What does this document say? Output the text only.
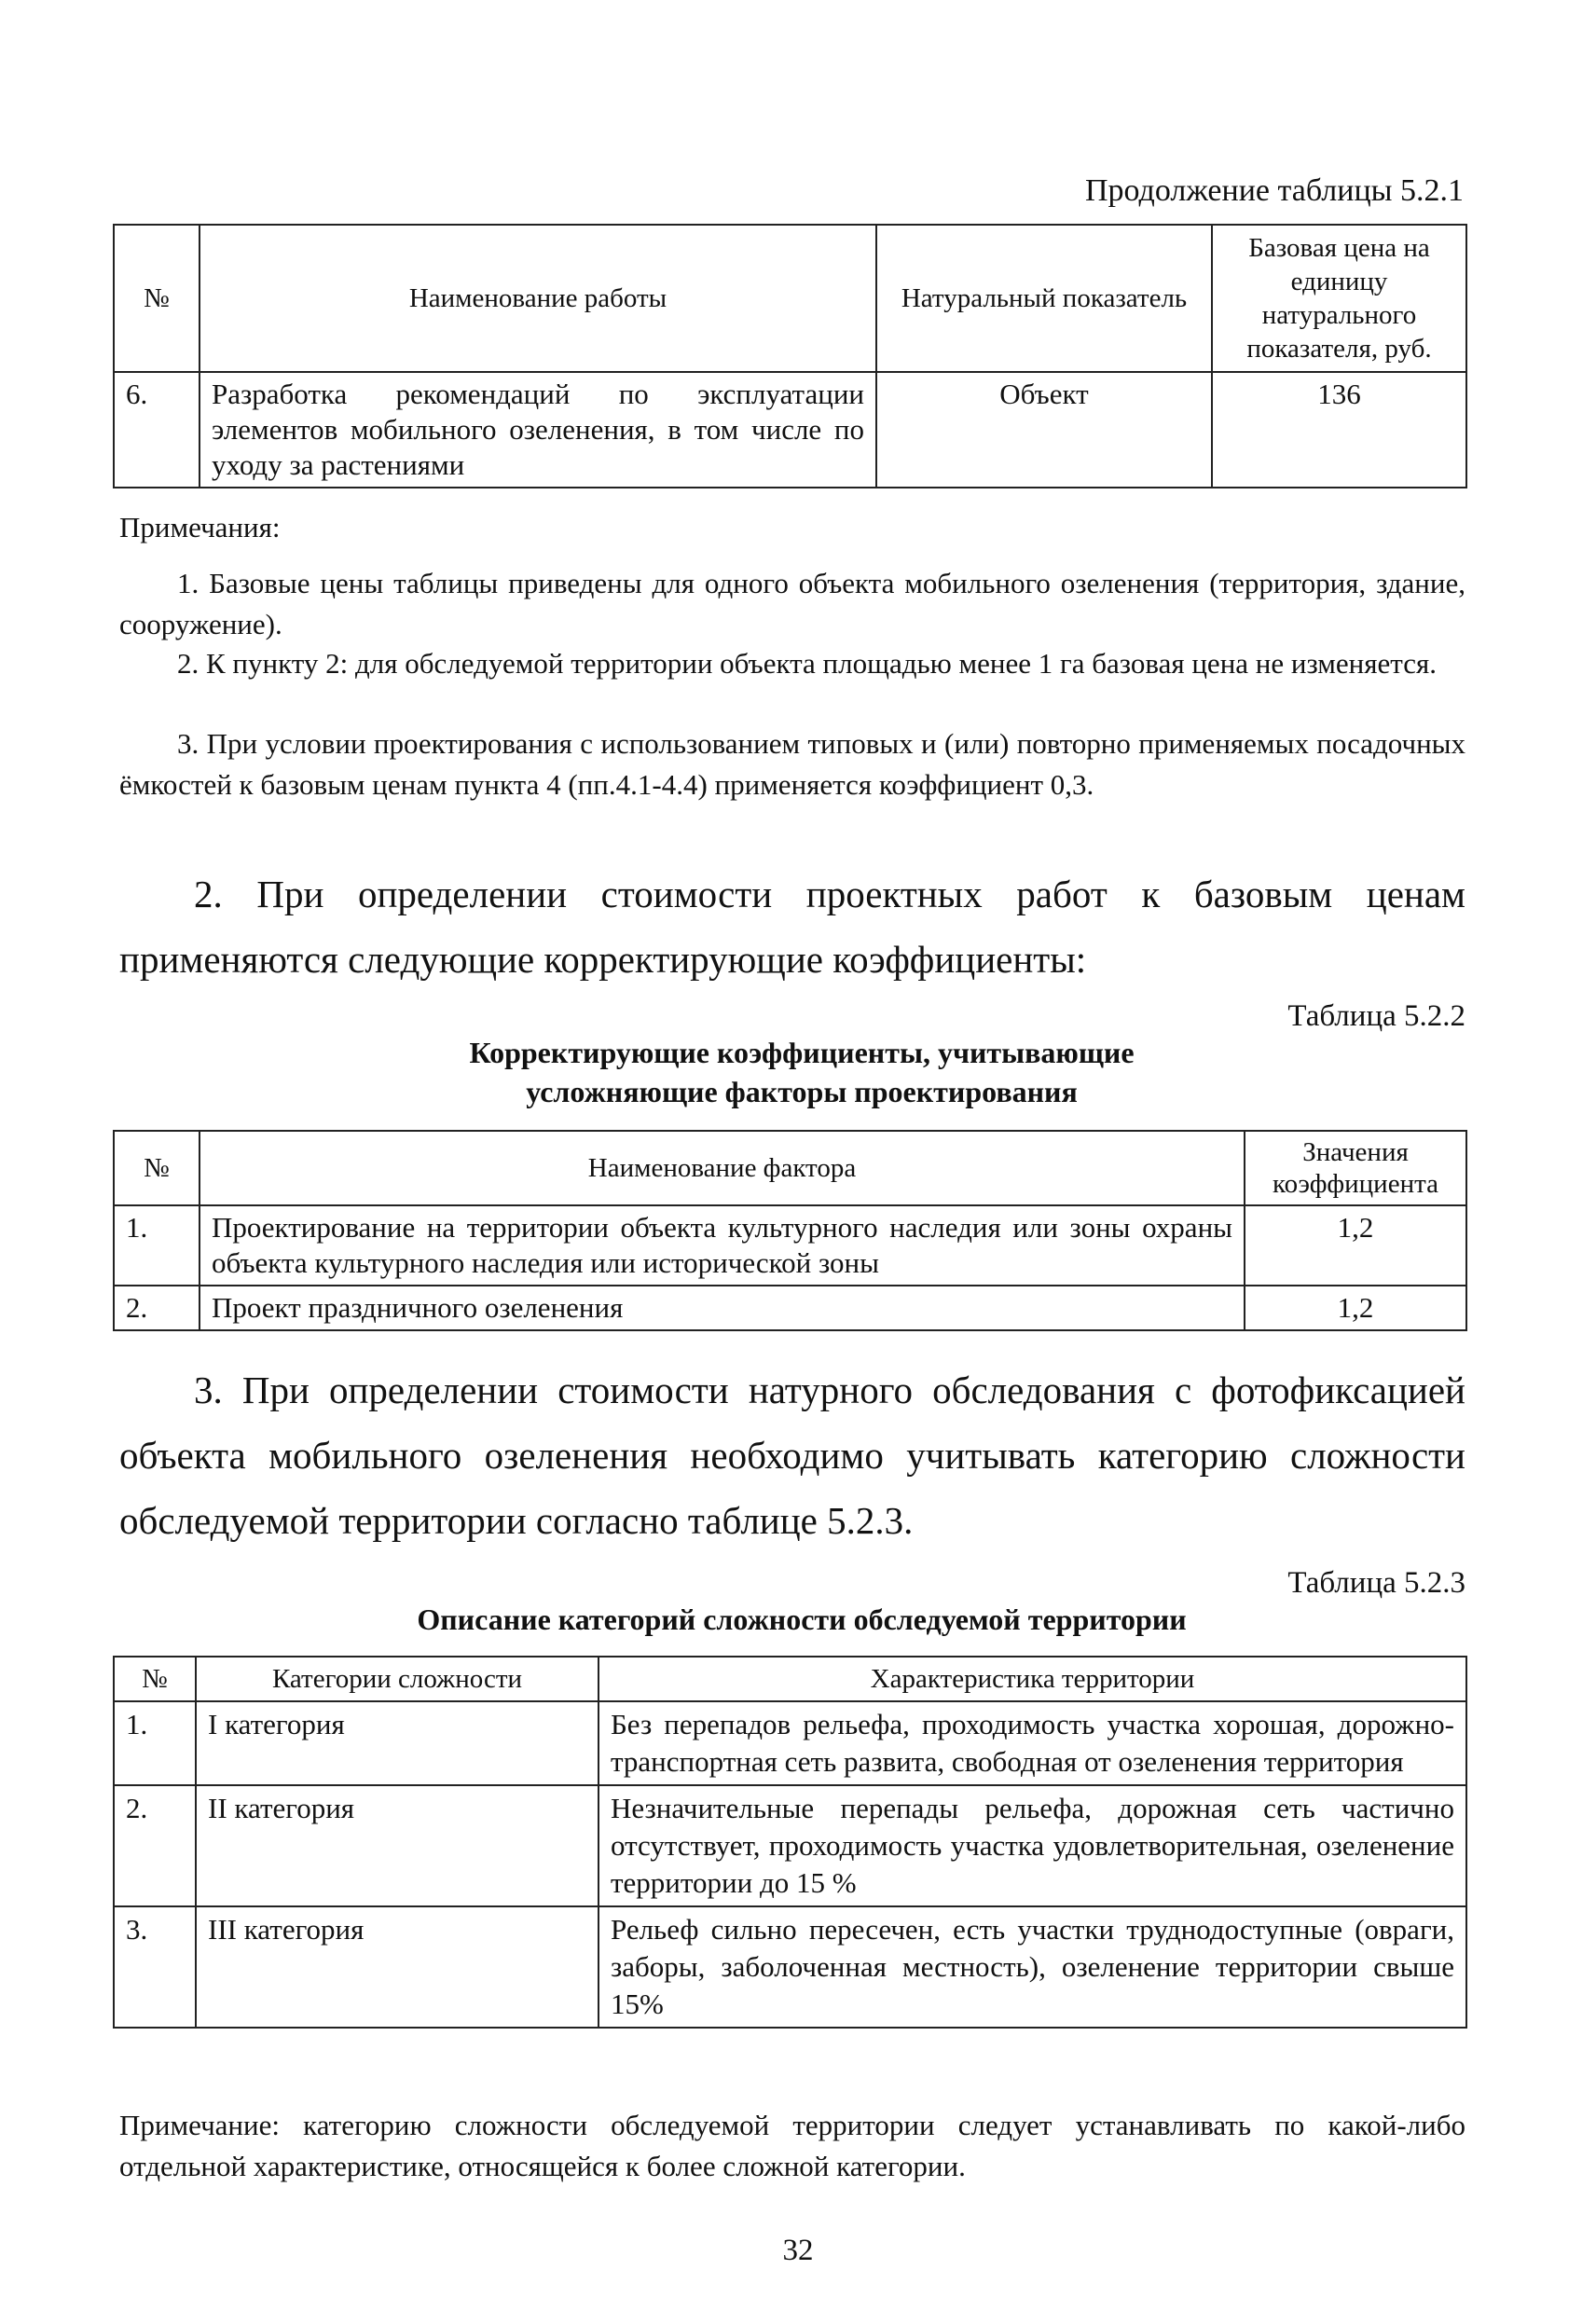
Продолжение таблицы 5.2.1
№	Наименование работы	Натуральный показатель	Базовая цена на единицу натурального показателя, руб.
6.	Разработка рекомендаций по эксплуатации элементов мобильного озеленения, в том числе по уходу за растениями	Объект	136
Примечания:
1. Базовые цены таблицы приведены для одного объекта мобильного озеленения (территория, здание, сооружение).
2. К пункту 2: для обследуемой территории объекта площадью менее 1 га базовая цена не изменяется.
3. При условии проектирования с использованием типовых и (или) повторно применяемых посадочных ёмкостей к базовым ценам пункта 4 (пп.4.1-4.4) применяется коэффициент 0,3.
2. При определении стоимости проектных работ к базовым ценам применяются следующие корректирующие коэффициенты:
Таблица 5.2.2
Корректирующие коэффициенты, учитывающие
усложняющие факторы проектирования
№	Наименование фактора	Значения коэффициента
1.	Проектирование на территории объекта культурного наследия или зоны охраны объекта культурного наследия или исторической зоны	1,2
2.	Проект праздничного озеленения	1,2
3. При определении стоимости натурного обследования с фотофиксацией объекта мобильного озеленения необходимо учитывать категорию сложности обследуемой территории согласно таблице 5.2.3.
Таблица 5.2.3
Описание категорий сложности обследуемой территории
№	Категории сложности	Характеристика территории
1.	I категория	Без перепадов рельефа, проходимость участка хорошая, дорожно-транспортная сеть развита, свободная от озеленения территория
2.	II категория	Незначительные перепады рельефа, дорожная сеть частично отсутствует, проходимость участка удовлетворительная, озеленение территории до 15 %
3.	III категория	Рельеф сильно пересечен, есть участки труднодоступные (овраги, заборы, заболоченная местность), озеленение территории свыше 15%
Примечание: категорию сложности обследуемой территории следует устанавливать по какой-либо отдельной характеристике, относящейся к более сложной категории.
32
